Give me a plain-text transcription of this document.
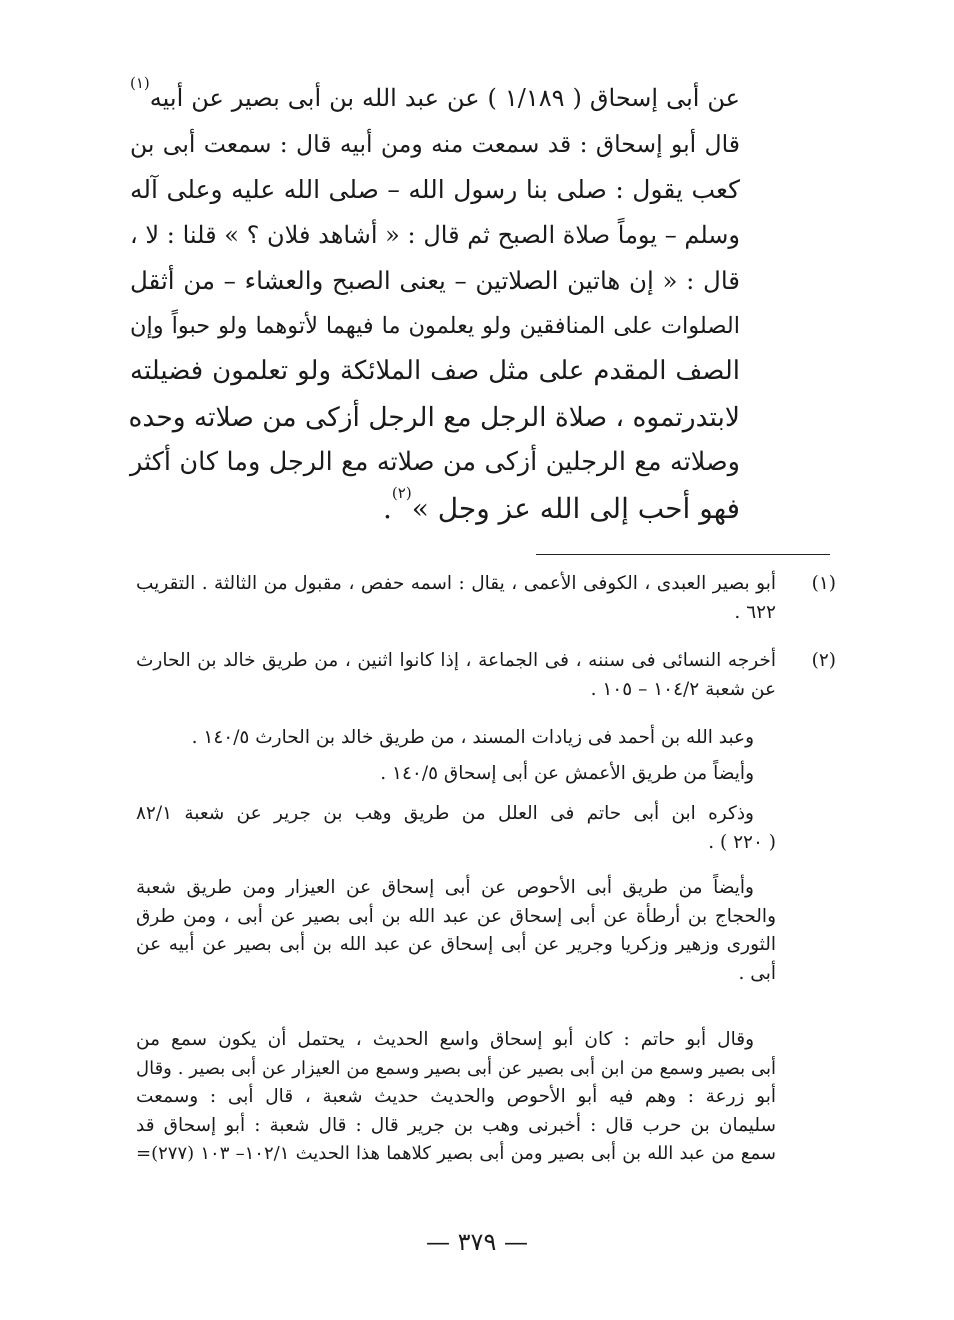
عن أبى إسحاق ( ١/١٨٩ ) عن عبد الله بن أبى بصير عن أبيه$^{(١)}$
قال أبو إسحاق : قد سمعت منه ومن أبيه قال : سمعت أبى بن
كعب يقول : صلى بنا رسول الله – صلى الله عليه وعلى آله
وسلم – يوماً صلاة الصبح ثم قال : « أشاهد فلان ؟ » قلنا : لا ،
قال : « إن هاتين الصلاتين – يعنى الصبح والعشاء – من أثقل
الصلوات على المنافقين ولو يعلمون ما فيهما لأتوهما ولو حبواً وإن
الصف المقدم على مثل صف الملائكة ولو تعلمون فضيلته
لابتدرتموه ، صلاة الرجل مع الرجل أزكى من صلاته وحده
وصلاته مع الرجلين أزكى من صلاته مع الرجل وما كان أكثر
فهو أحب إلى الله عز وجل »$^{(٢)}$.
(١)
أبو بصير العبدى ، الكوفى الأعمى ، يقال : اسمه حفص ، مقبول من الثالثة . التقريب
٦٢٢ .
(٢)
أخرجه النسائى فى سننه ، فى الجماعة ، إذا كانوا اثنين ، من طريق خالد بن الحارث
عن شعبة ١٠٤/٢ – ١٠٥ .
وعبد الله بن أحمد فى زيادات المسند ، من طريق خالد بن الحارث ١٤٠/٥ .
وأيضاً من طريق الأعمش عن أبى إسحاق ١٤٠/٥ .
وذكره ابن أبى حاتم فى العلل من طريق وهب بن جرير عن شعبة ٨٢/١
( ٢٢٠ ) .
وأيضاً من طريق أبى الأحوص عن أبى إسحاق عن العيزار ومن طريق شعبة
والحجاج بن أرطأة عن أبى إسحاق عن عبد الله بن أبى بصير عن أبى ، ومن طرق
الثورى وزهير وزكريا وجرير عن أبى إسحاق عن عبد الله بن أبى بصير عن أبيه عن
أبى .
وقال أبو حاتم : كان أبو إسحاق واسع الحديث ، يحتمل أن يكون سمع من
أبى بصير وسمع من ابن أبى بصير عن أبى بصير وسمع من العيزار عن أبى بصير . وقال
أبو زرعة : وهم فيه أبو الأحوص والحديث حديث شعبة ، قال أبى : وسمعت
سليمان بن حرب قال : أخبرنى وهب بن جرير قال : قال شعبة : أبو إسحاق قد
سمع من عبد الله بن أبى بصير ومن أبى بصير كلاهما هذا الحديث ١٠٢/١– ١٠٣ (٢٧٧)=
— ٣٧٩ —
